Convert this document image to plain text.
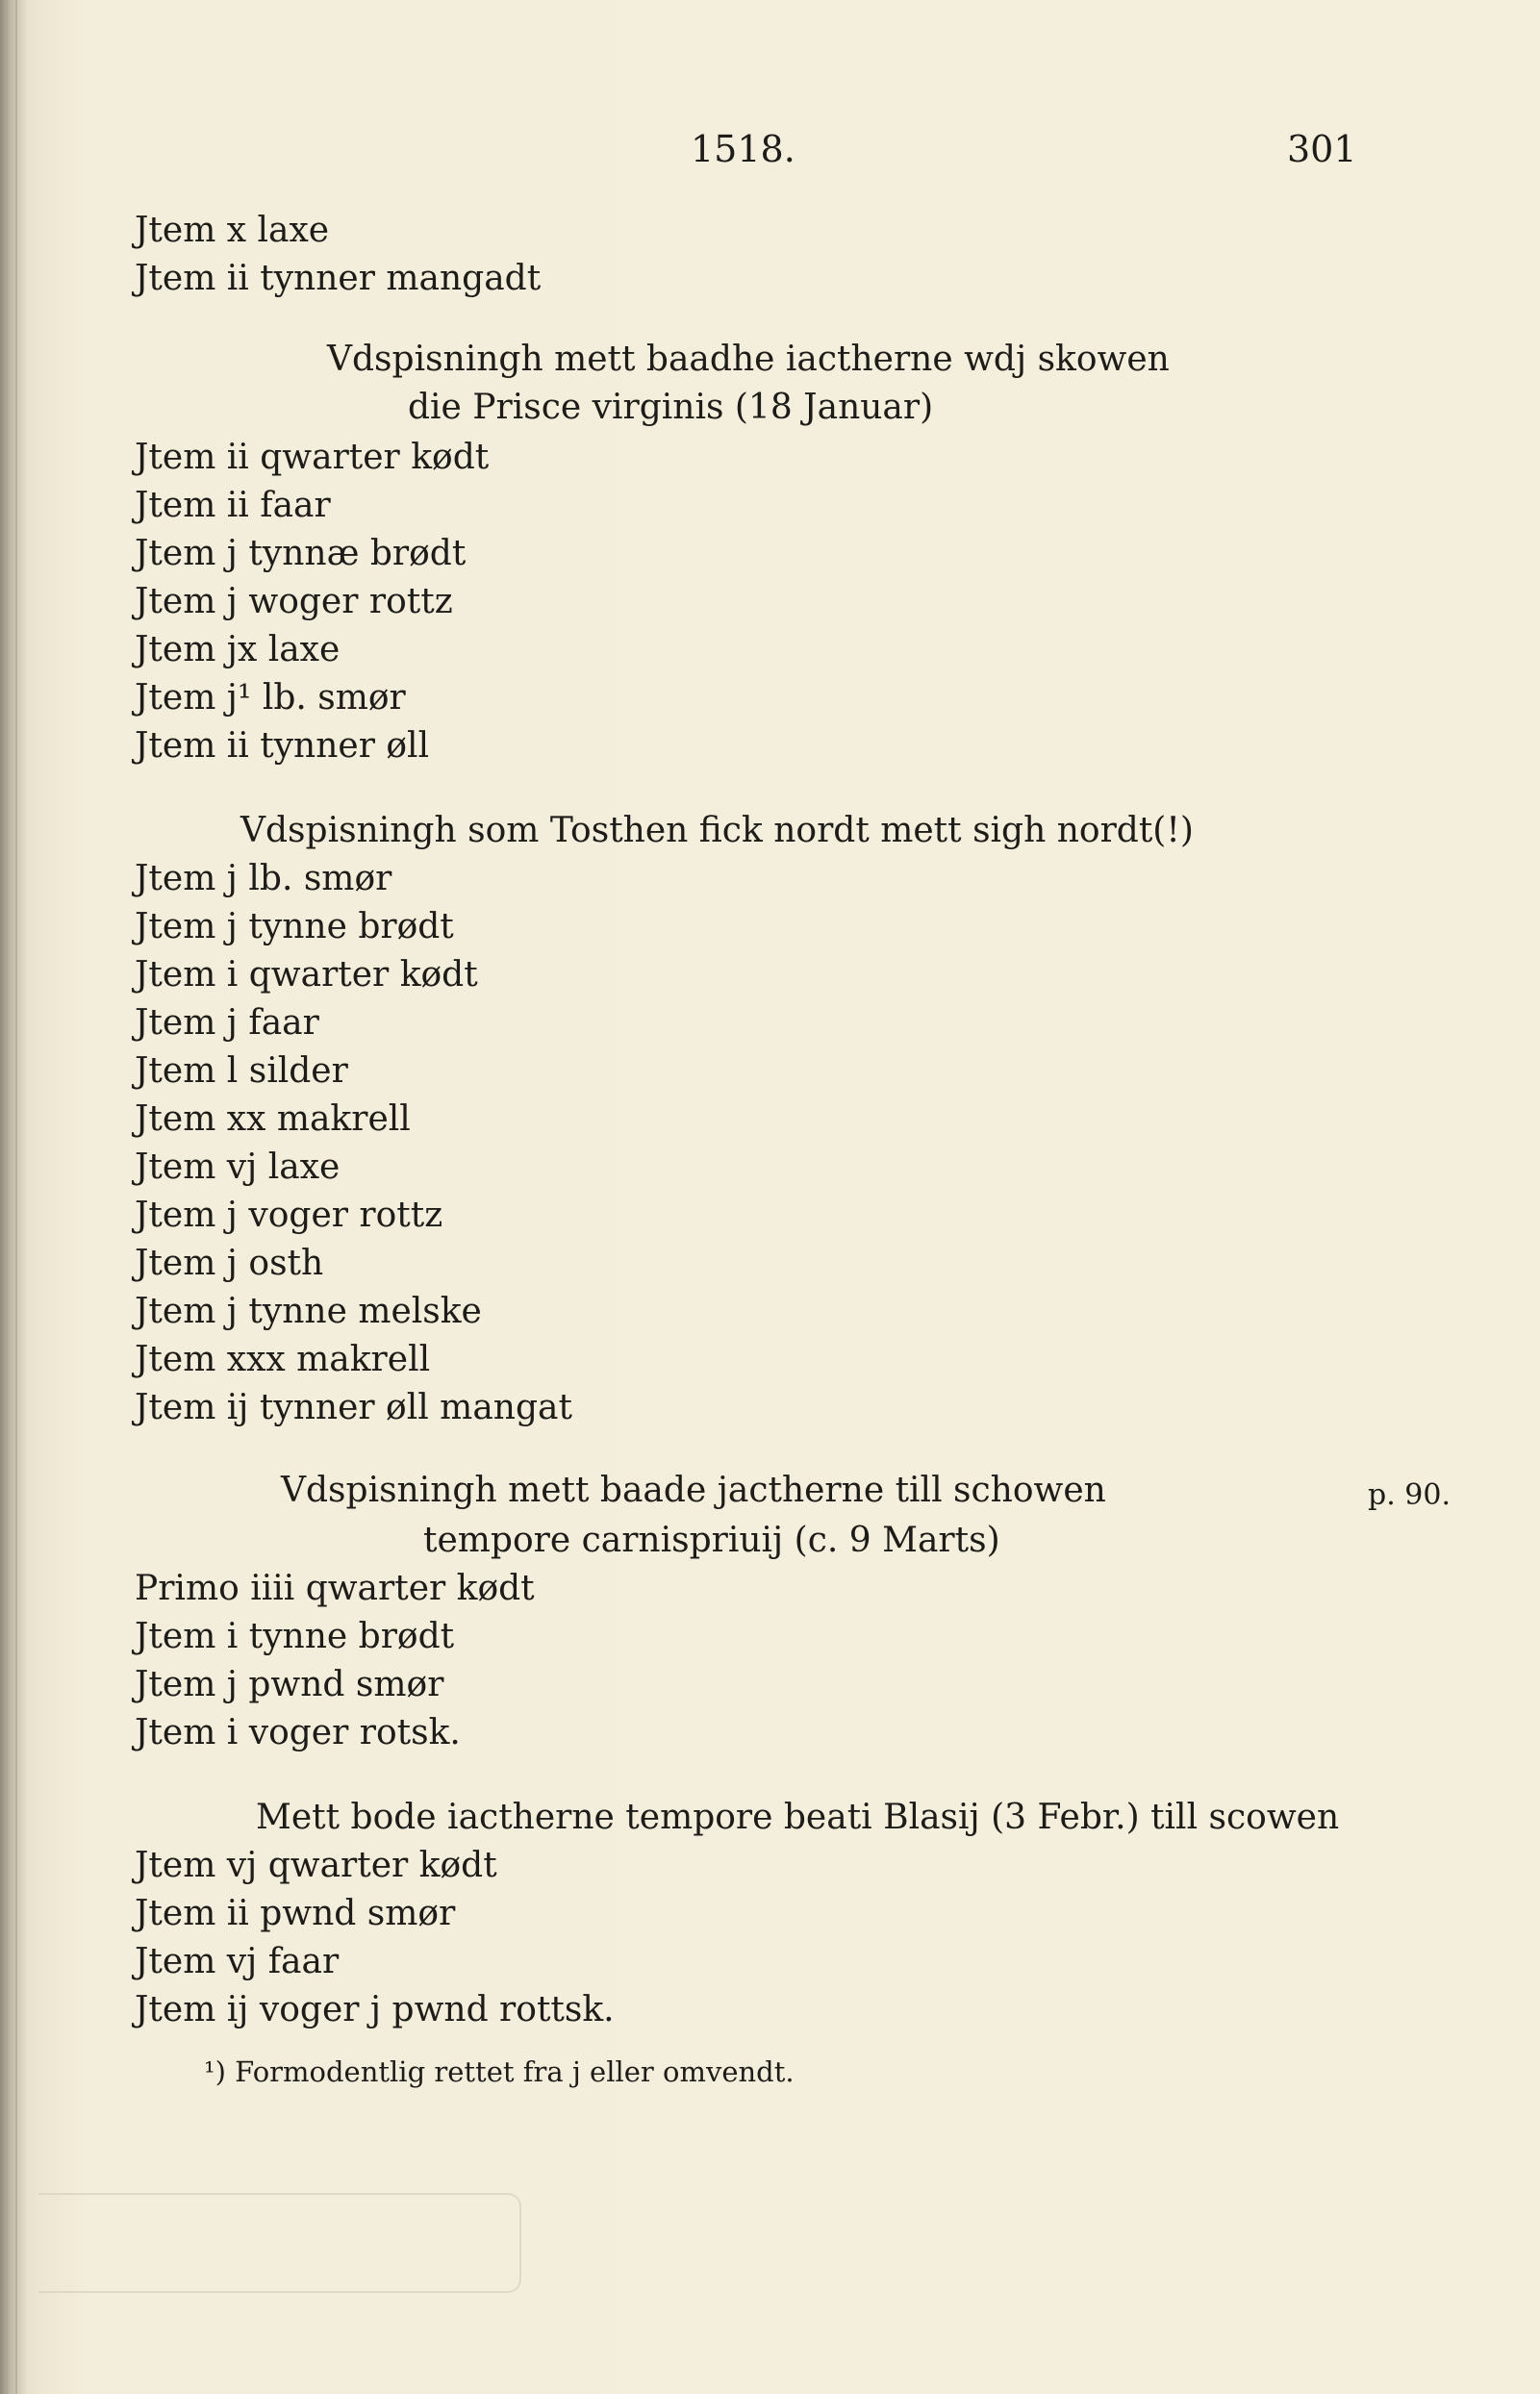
1518.	301
Jtem x laxe
Jtem ii tynner mangadt
Vdspisningh mett baadhe iactherne wdj skowen
die Prisce virginis (18 Januar)
Jtem ii qwarter kødt
Jtem ii faar
Jtem j tynnæ brødt
Jtem j woger rottz
Jtem jx laxe
Jtem j¹ lb. smør
Jtem ii tynner øll
Vdspisningh som Tosthen fick nordt mett sigh nordt(!)
Jtem j lb. smør
Jtem j tynne brødt
Jtem i qwarter kødt
Jtem j faar
Jtem l silder
Jtem xx makrell
Jtem vj laxe
Jtem j voger rottz
Jtem j osth
Jtem j tynne melske
Jtem xxx makrell
Jtem ij tynner øll mangat
Vdspisningh mett baade jactherne till schowen
tempore carnispriuij (c. 9 Marts)
p. 90.
Primo iiii qwarter kødt
Jtem i tynne brødt
Jtem j pwnd smør
Jtem i voger rotsk.
Mett bode iactherne tempore beati Blasij (3 Febr.) till scowen
Jtem vj qwarter kødt
Jtem ii pwnd smør
Jtem vj faar
Jtem ij voger j pwnd rottsk.
¹) Formodentlig rettet fra j eller omvendt.
